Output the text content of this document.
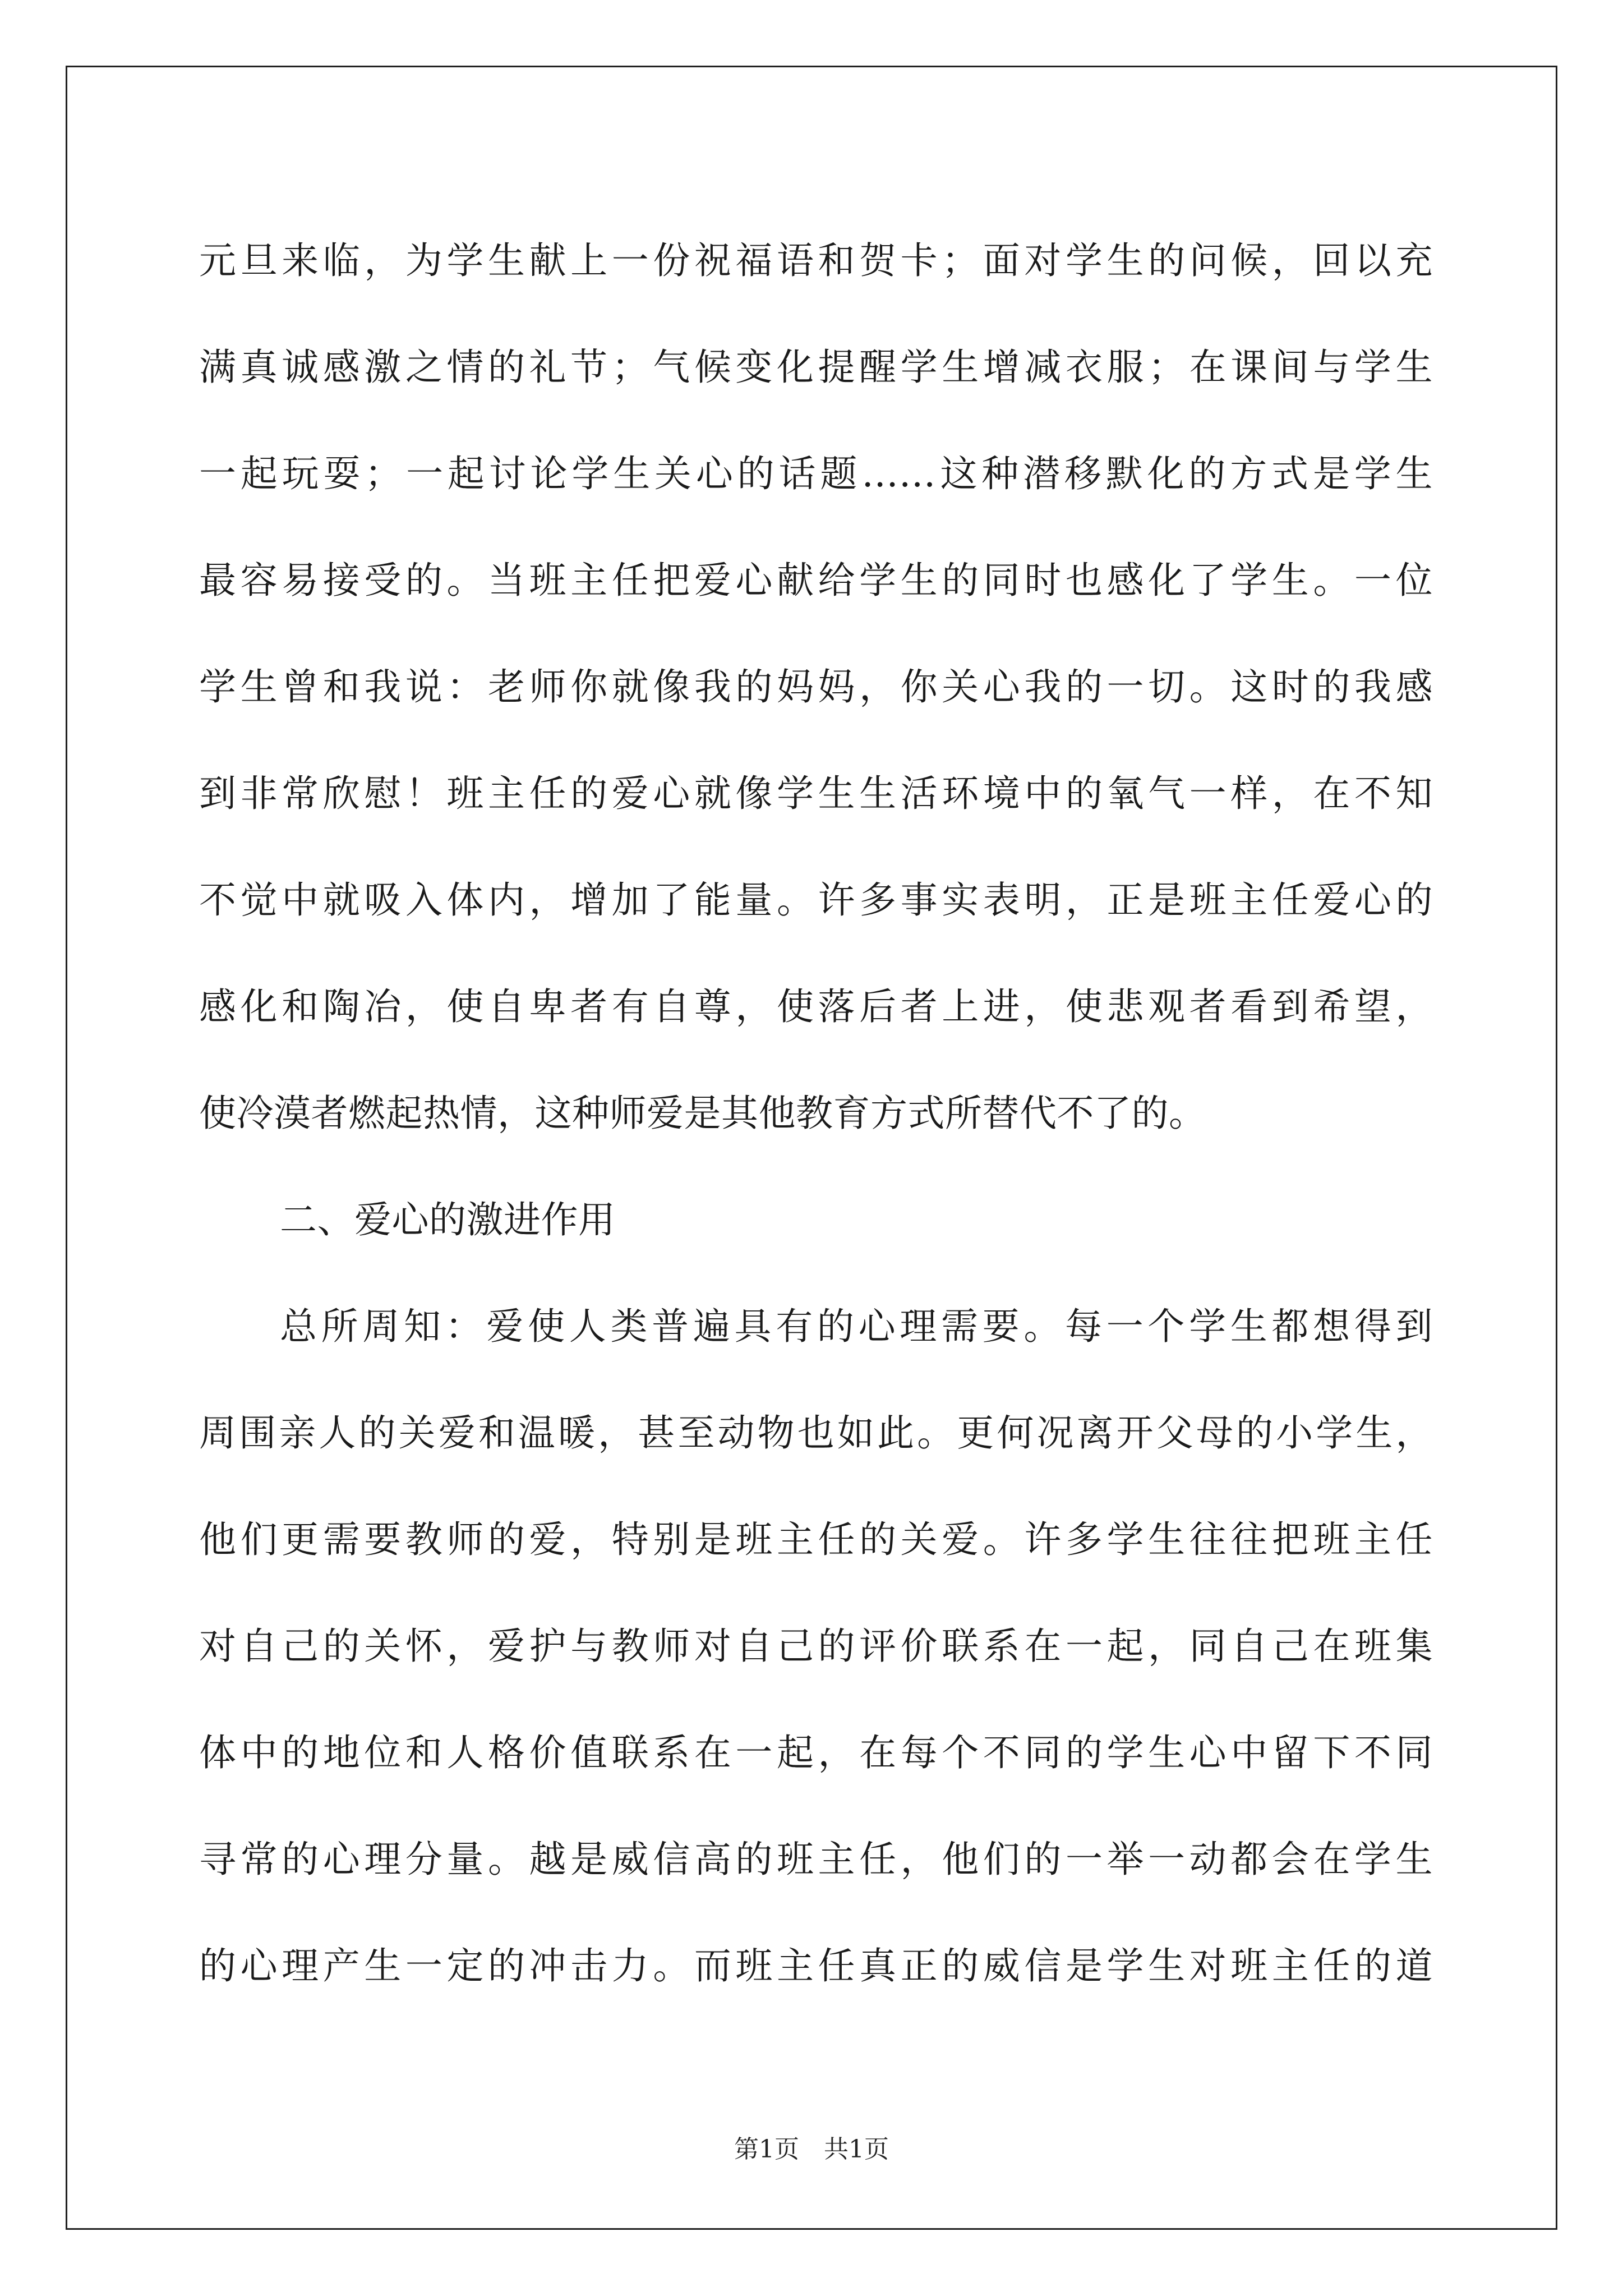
元旦来临，为学生献上一份祝福语和贺卡；面对学生的问候，回以充
满真诚感激之情的礼节；气候变化提醒学生增减衣服；在课间与学生
一起玩耍；一起讨论学生关心的话题……这种潜移默化的方式是学生
最容易接受的。当班主任把爱心献给学生的同时也感化了学生。一位
学生曾和我说：老师你就像我的妈妈，你关心我的一切。这时的我感
到非常欣慰！班主任的爱心就像学生生活环境中的氧气一样，在不知
不觉中就吸入体内，增加了能量。许多事实表明，正是班主任爱心的
感化和陶冶，使自卑者有自尊，使落后者上进，使悲观者看到希望，
使冷漠者燃起热情，这种师爱是其他教育方式所替代不了的。
二、爱心的激进作用
总所周知：爱使人类普遍具有的心理需要。每一个学生都想得到
周围亲人的关爱和温暖，甚至动物也如此。更何况离开父母的小学生，
他们更需要教师的爱，特别是班主任的关爱。许多学生往往把班主任
对自己的关怀，爱护与教师对自己的评价联系在一起，同自己在班集
体中的地位和人格价值联系在一起，在每个不同的学生心中留下不同
寻常的心理分量。越是威信高的班主任，他们的一举一动都会在学生
的心理产生一定的冲击力。而班主任真正的威信是学生对班主任的道
第1页　共1页
